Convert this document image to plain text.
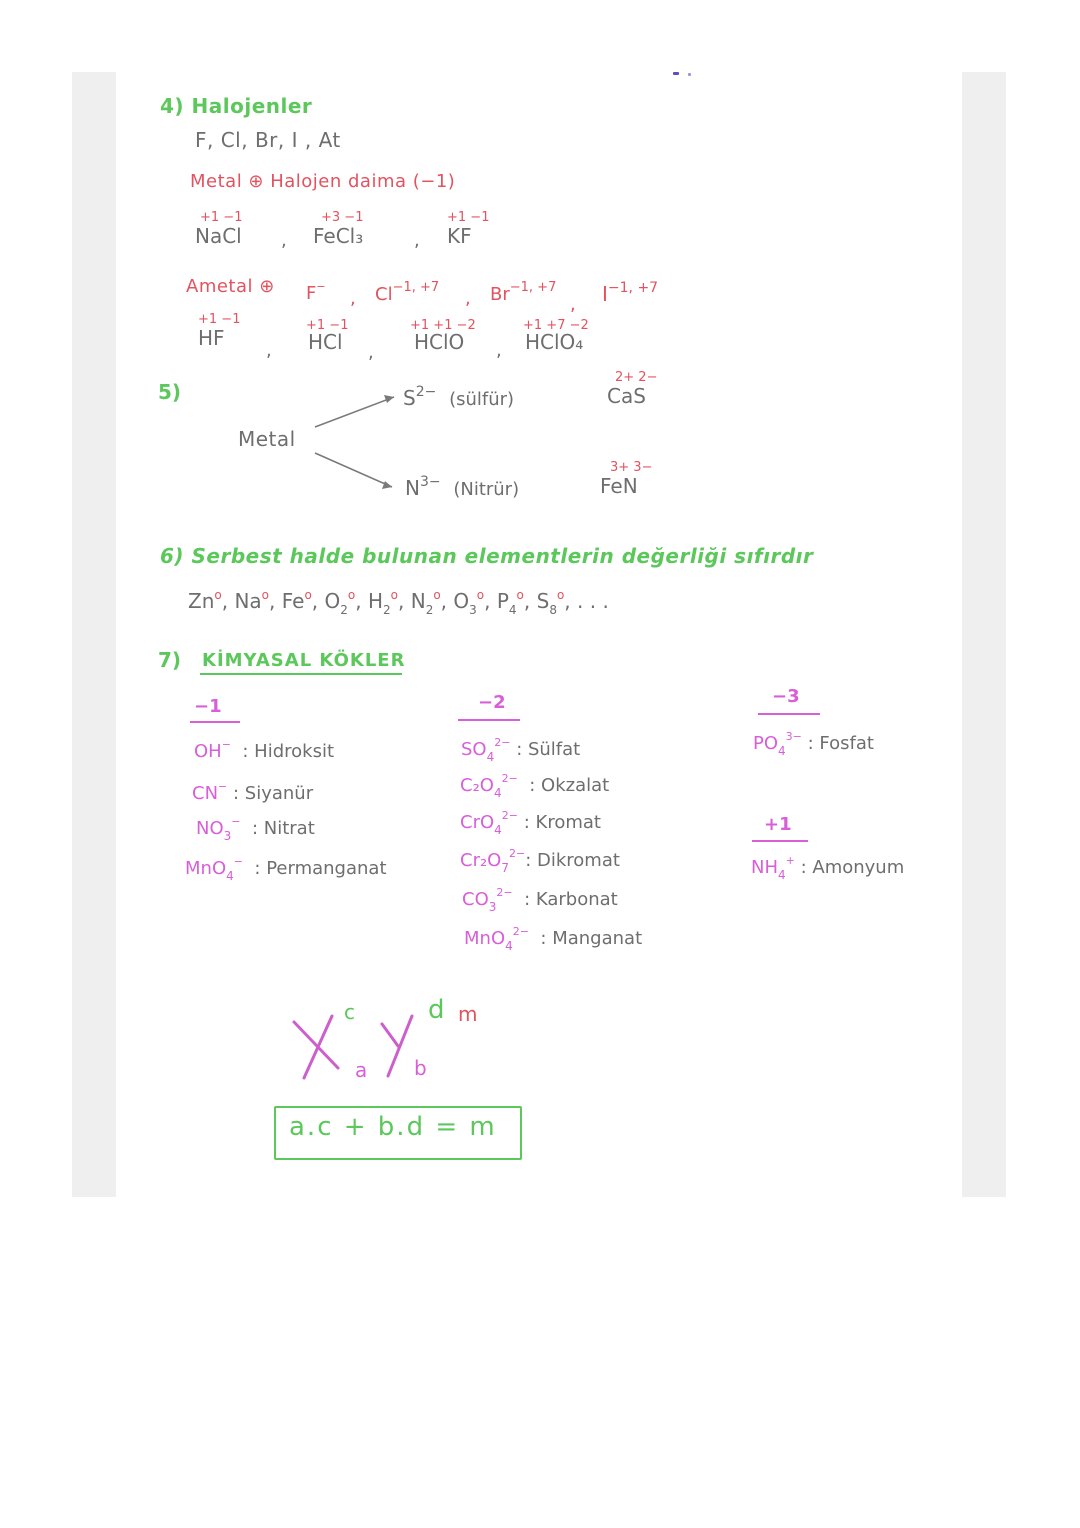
4) Halojenler
F, Cl, Br, I , At
Metal ⊕ Halojen daima (−1)
+1 −1
NaCl ,
+3 −1
FeCl₃	,
+1 −1
KF
Ametal ⊕ F−
, $Cl^{-1, +7}$
, $Br^{-1, +7}$
, $I^{-1, +7}$
+1 −1
HF
,
+1 −1
HCl ,
+1 +1 −2
HClO ,
+1 +7 −2
HClO₄
5)
Metal
$S^{2-}$ (sülfür)
2+ 2−
CaS
$N^{3-}$ (Nitrür)
3+ 3−
FeN
6) Serbest halde bulunan elementlerin değerliği sıfırdır
Zn$^o$, Na$^o$, Fe$^o$, $O_2^o$, $H_2^o$, $N_2^o$, $O_3^o$, $P_4^o$, $S_8^o$, . . .
7) KİMYASAL KÖKLER
−1
OH− : Hidroksit
CN− : Siyanür
$NO_3^-$ : Nitrat
MnO$_4$− : Permanganat
−2
$SO_4^{2-}$ : Sülfat
$C_2O_4^{2-}$ : Okzalat
CrO$_4^{2-}$ : Kromat
$Cr_2O_7^{2-}$: Dikromat
$CO_3^{2-}$ : Karbonat
MnO$_4^{2-}$ : Manganat
−3
$PO_4^{3-}$ : Fosfat
+1
$NH_4^+$ : Amonyum
c
a
d m
b
a.c + b.d = m
